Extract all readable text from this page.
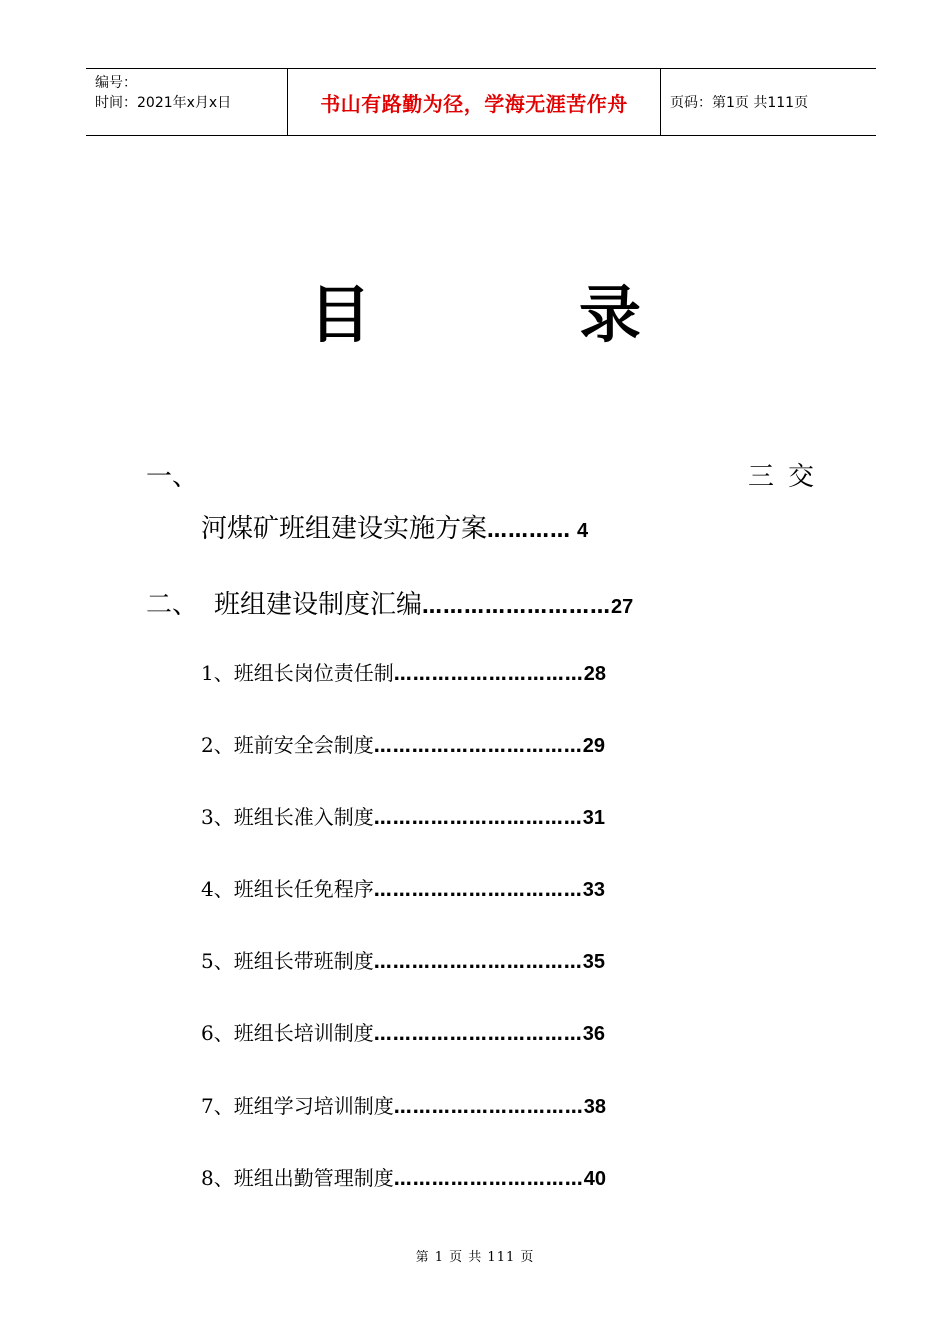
编号：
时间：2021年x月x日	书山有路勤为径，学海无涯苦作舟	页码：第1页 共111页
目	录
一、	三交
河煤矿班组建设实施方案………… 4
二、 班组建设制度汇编………………………27
1、班组长岗位责任制…………………………28
2、班前安全会制度……………………………29
3、班组长准入制度……………………………31
4、班组长任免程序……………………………33
5、班组长带班制度……………………………35
6、班组长培训制度……………………………36
7、班组学习培训制度…………………………38
8、班组出勤管理制度…………………………40
第 1 页 共 111 页
